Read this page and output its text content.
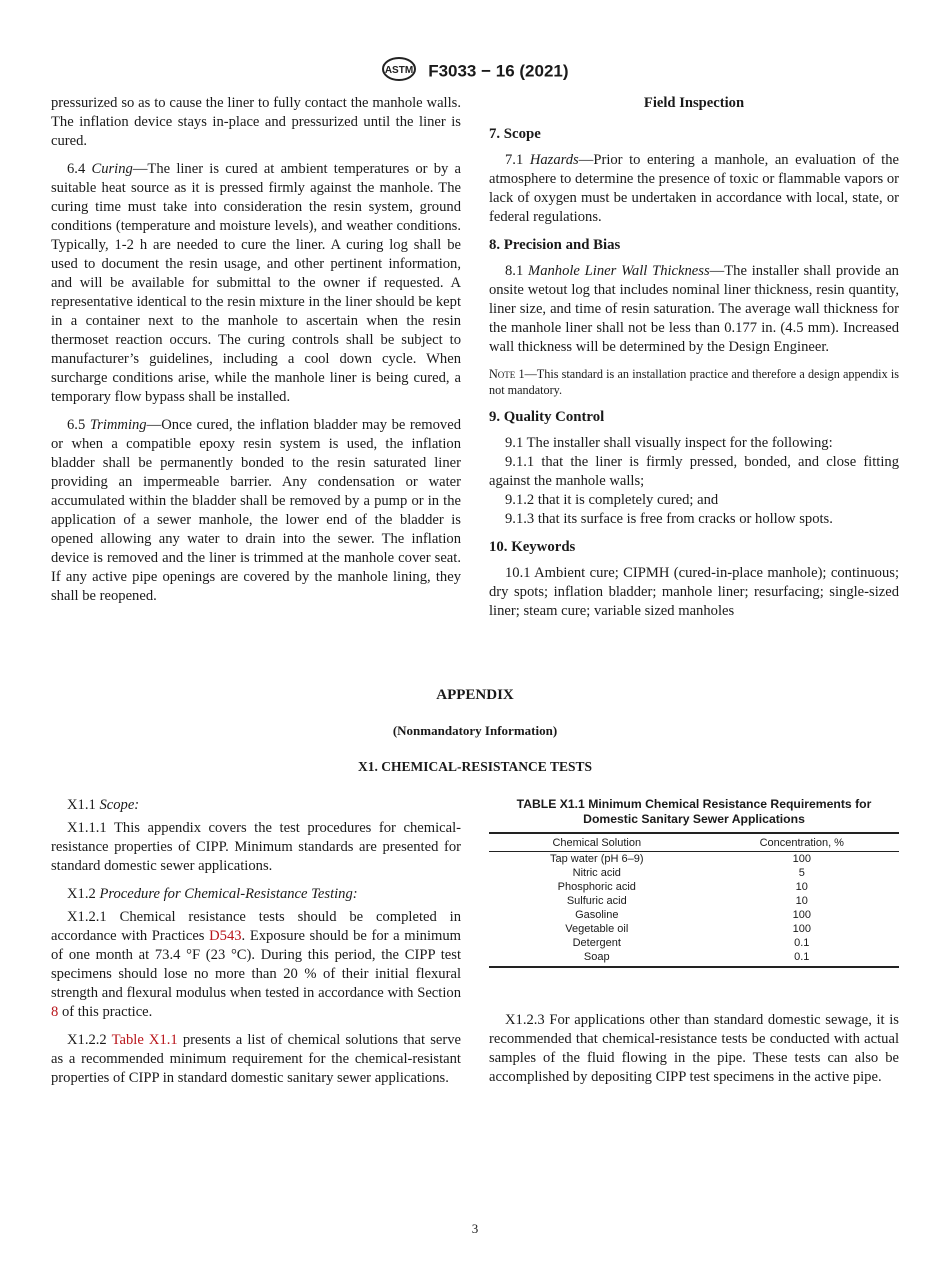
ASTM F3033 − 16 (2021)

pressurized so as to cause the liner to fully contact the manhole walls. The inflation device stays in-place and pressurized until the liner is cured.

6.4 Curing—The liner is cured at ambient temperatures or by a suitable heat source as it is pressed firmly against the manhole. The curing time must take into consideration the resin system, ground conditions (temperature and moisture levels), and weather conditions. Typically, 1-2 h are needed to cure the liner. A curing log shall be used to document the resin usage, and other pertinent information, and will be available for submittal to the owner if requested. A representative identical to the resin mixture in the liner should be kept in a container next to the manhole to ascertain when the resin thermoset reaction occurs. The curing controls shall be subject to manufacturer’s guidelines, including a cool down cycle. When surcharge conditions arise, while the manhole liner is being cured, a temporary flow bypass shall be installed.

6.5 Trimming—Once cured, the inflation bladder may be removed or when a compatible epoxy resin system is used, the inflation bladder shall be permanently bonded to the resin saturated liner providing an impermeable barrier. Any condensation or water accumulated within the bladder shall be removed by a pump or in the application of a sewer manhole, the lower end of the bladder is opened allowing any water to drain into the sewer. The inflation device is removed and the liner is trimmed at the manhole cover seat. If any active pipe openings are covered by the manhole lining, they shall be reopened.

Field Inspection
7. Scope

7.1 Hazards—Prior to entering a manhole, an evaluation of the atmosphere to determine the presence of toxic or flammable vapors or lack of oxygen must be undertaken in accordance with local, state, or federal regulations.

8. Precision and Bias

8.1 Manhole Liner Wall Thickness—The installer shall provide an onsite wetout log that includes nominal liner thickness, resin quantity, liner size, and time of resin saturation. The average wall thickness for the manhole liner shall not be less than 0.177 in. (4.5 mm). Increased wall thickness will be determined by the Design Engineer.

Note 1—This standard is an installation practice and therefore a design appendix is not mandatory.
9. Quality Control

9.1 The installer shall visually inspect for the following:

9.1.1 that the liner is firmly pressed, bonded, and close fitting against the manhole walls;

9.1.2 that it is completely cured; and

9.1.3 that its surface is free from cracks or hollow spots.

10. Keywords

10.1 Ambient cure; CIPMH (cured-in-place manhole); continuous; dry spots; inflation bladder; manhole liner; resurfacing; single-sized liner; steam cure; variable sized manholes

APPENDIX
(Nonmandatory Information)
X1. CHEMICAL-RESISTANCE TESTS

X1.1 Scope:

X1.1.1 This appendix covers the test procedures for chemical-resistance properties of CIPP. Minimum standards are presented for standard domestic sewer applications.

X1.2 Procedure for Chemical-Resistance Testing:

X1.2.1 Chemical resistance tests should be completed in accordance with Practices D543. Exposure should be for a minimum of one month at 73.4 °F (23 °C). During this period, the CIPP test specimens should lose no more than 20 % of their initial flexural strength and flexural modulus when tested in accordance with Section 8 of this practice.

X1.2.2 Table X1.1 presents a list of chemical solutions that serve as a recommended minimum requirement for the chemical-resistant properties of CIPP in standard domestic sanitary sewer applications.

TABLE X1.1 Minimum Chemical Resistance Requirements for Domestic Sanitary Sewer Applications
Chemical Solution	Concentration, %
Tap water (pH 6–9)	100
Nitric acid	5
Phosphoric acid	10
Sulfuric acid	10
Gasoline	100
Vegetable oil	100
Detergent	0.1
Soap	0.1

X1.2.3 For applications other than standard domestic sewage, it is recommended that chemical-resistance tests be conducted with actual samples of the fluid flowing in the pipe. These tests can also be accomplished by depositing CIPP test specimens in the active pipe.

3
